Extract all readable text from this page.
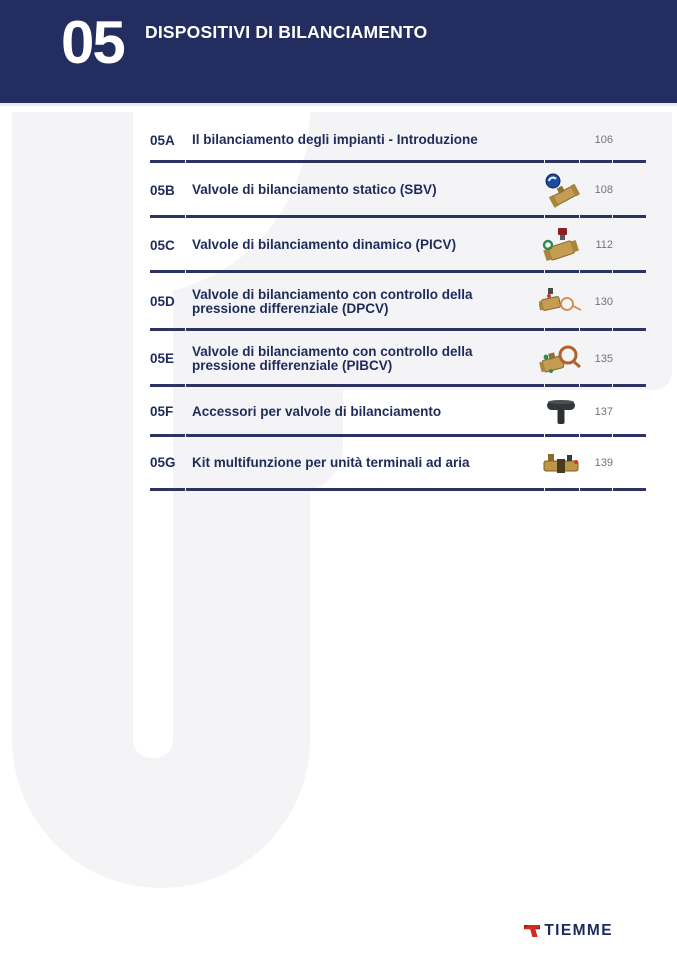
05 DISPOSITIVI DI BILANCIAMENTO
05A	Il bilanciamento degli impianti - Introduzione	106
05B	Valvole di bilanciamento statico (SBV)	108
05C	Valvole di bilanciamento dinamico (PICV)	112
05D	Valvole di bilanciamento con controllo della pressione differenziale (DPCV)	130
05E	Valvole di bilanciamento con controllo della pressione differenziale (PIBCV)	135
05F	Accessori per valvole di bilanciamento	137
05G	Kit multifunzione per unità terminali ad aria	139
TIEMME
